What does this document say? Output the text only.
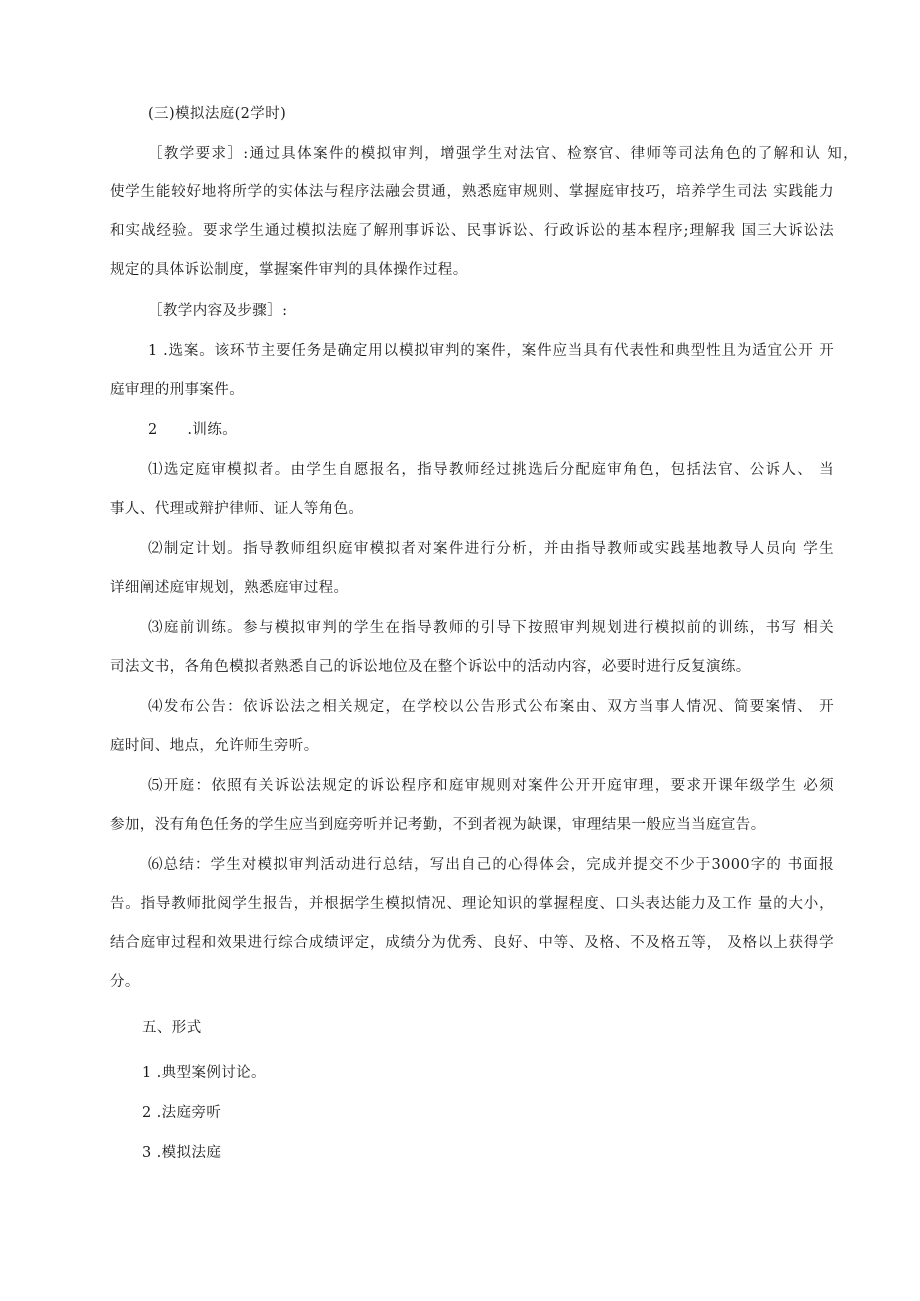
(三)模拟法庭(2学时)
［教学要求］:通过具体案件的模拟审判，增强学生对法官、检察官、律师等司法角色的了解和认 知，
使学生能较好地将所学的实体法与程序法融会贯通，熟悉庭审规则、掌握庭审技巧，培养学生司法 实践能力
和实战经验。要求学生通过模拟法庭了解刑事诉讼、民事诉讼、行政诉讼的基本程序;理解我 国三大诉讼法
规定的具体诉讼制度，掌握案件审判的具体操作过程。
［教学内容及步骤］:
1 .选案。该环节主要任务是确定用以模拟审判的案件，案件应当具有代表性和典型性且为适宜公开 开
庭审理的刑事案件。
2　　.训练。
⑴选定庭审模拟者。由学生自愿报名，指导教师经过挑选后分配庭审角色，包括法官、公诉人、 当
事人、代理或辩护律师、证人等角色。
⑵制定计划。指导教师组织庭审模拟者对案件进行分析，并由指导教师或实践基地教导人员向 学生
详细阐述庭审规划，熟悉庭审过程。
⑶庭前训练。参与模拟审判的学生在指导教师的引导下按照审判规划进行模拟前的训练，书写 相关
司法文书，各角色模拟者熟悉自己的诉讼地位及在整个诉讼中的活动内容，必要时进行反复演练。
⑷发布公告：依诉讼法之相关规定，在学校以公告形式公布案由、双方当事人情况、简要案情、 开
庭时间、地点，允许师生旁听。
⑸开庭：依照有关诉讼法规定的诉讼程序和庭审规则对案件公开开庭审理，要求开课年级学生 必须
参加，没有角色任务的学生应当到庭旁听并记考勤，不到者视为缺课，审理结果一般应当当庭宣告。
⑹总结：学生对模拟审判活动进行总结，写出自己的心得体会，完成并提交不少于3000字的 书面报
告。指导教师批阅学生报告，并根据学生模拟情况、理论知识的掌握程度、口头表达能力及工作 量的大小，
结合庭审过程和效果进行综合成绩评定，成绩分为优秀、良好、中等、及格、不及格五等， 及格以上获得学
分。
五、形式
1 .典型案例讨论。
2 .法庭旁听
3 .模拟法庭
